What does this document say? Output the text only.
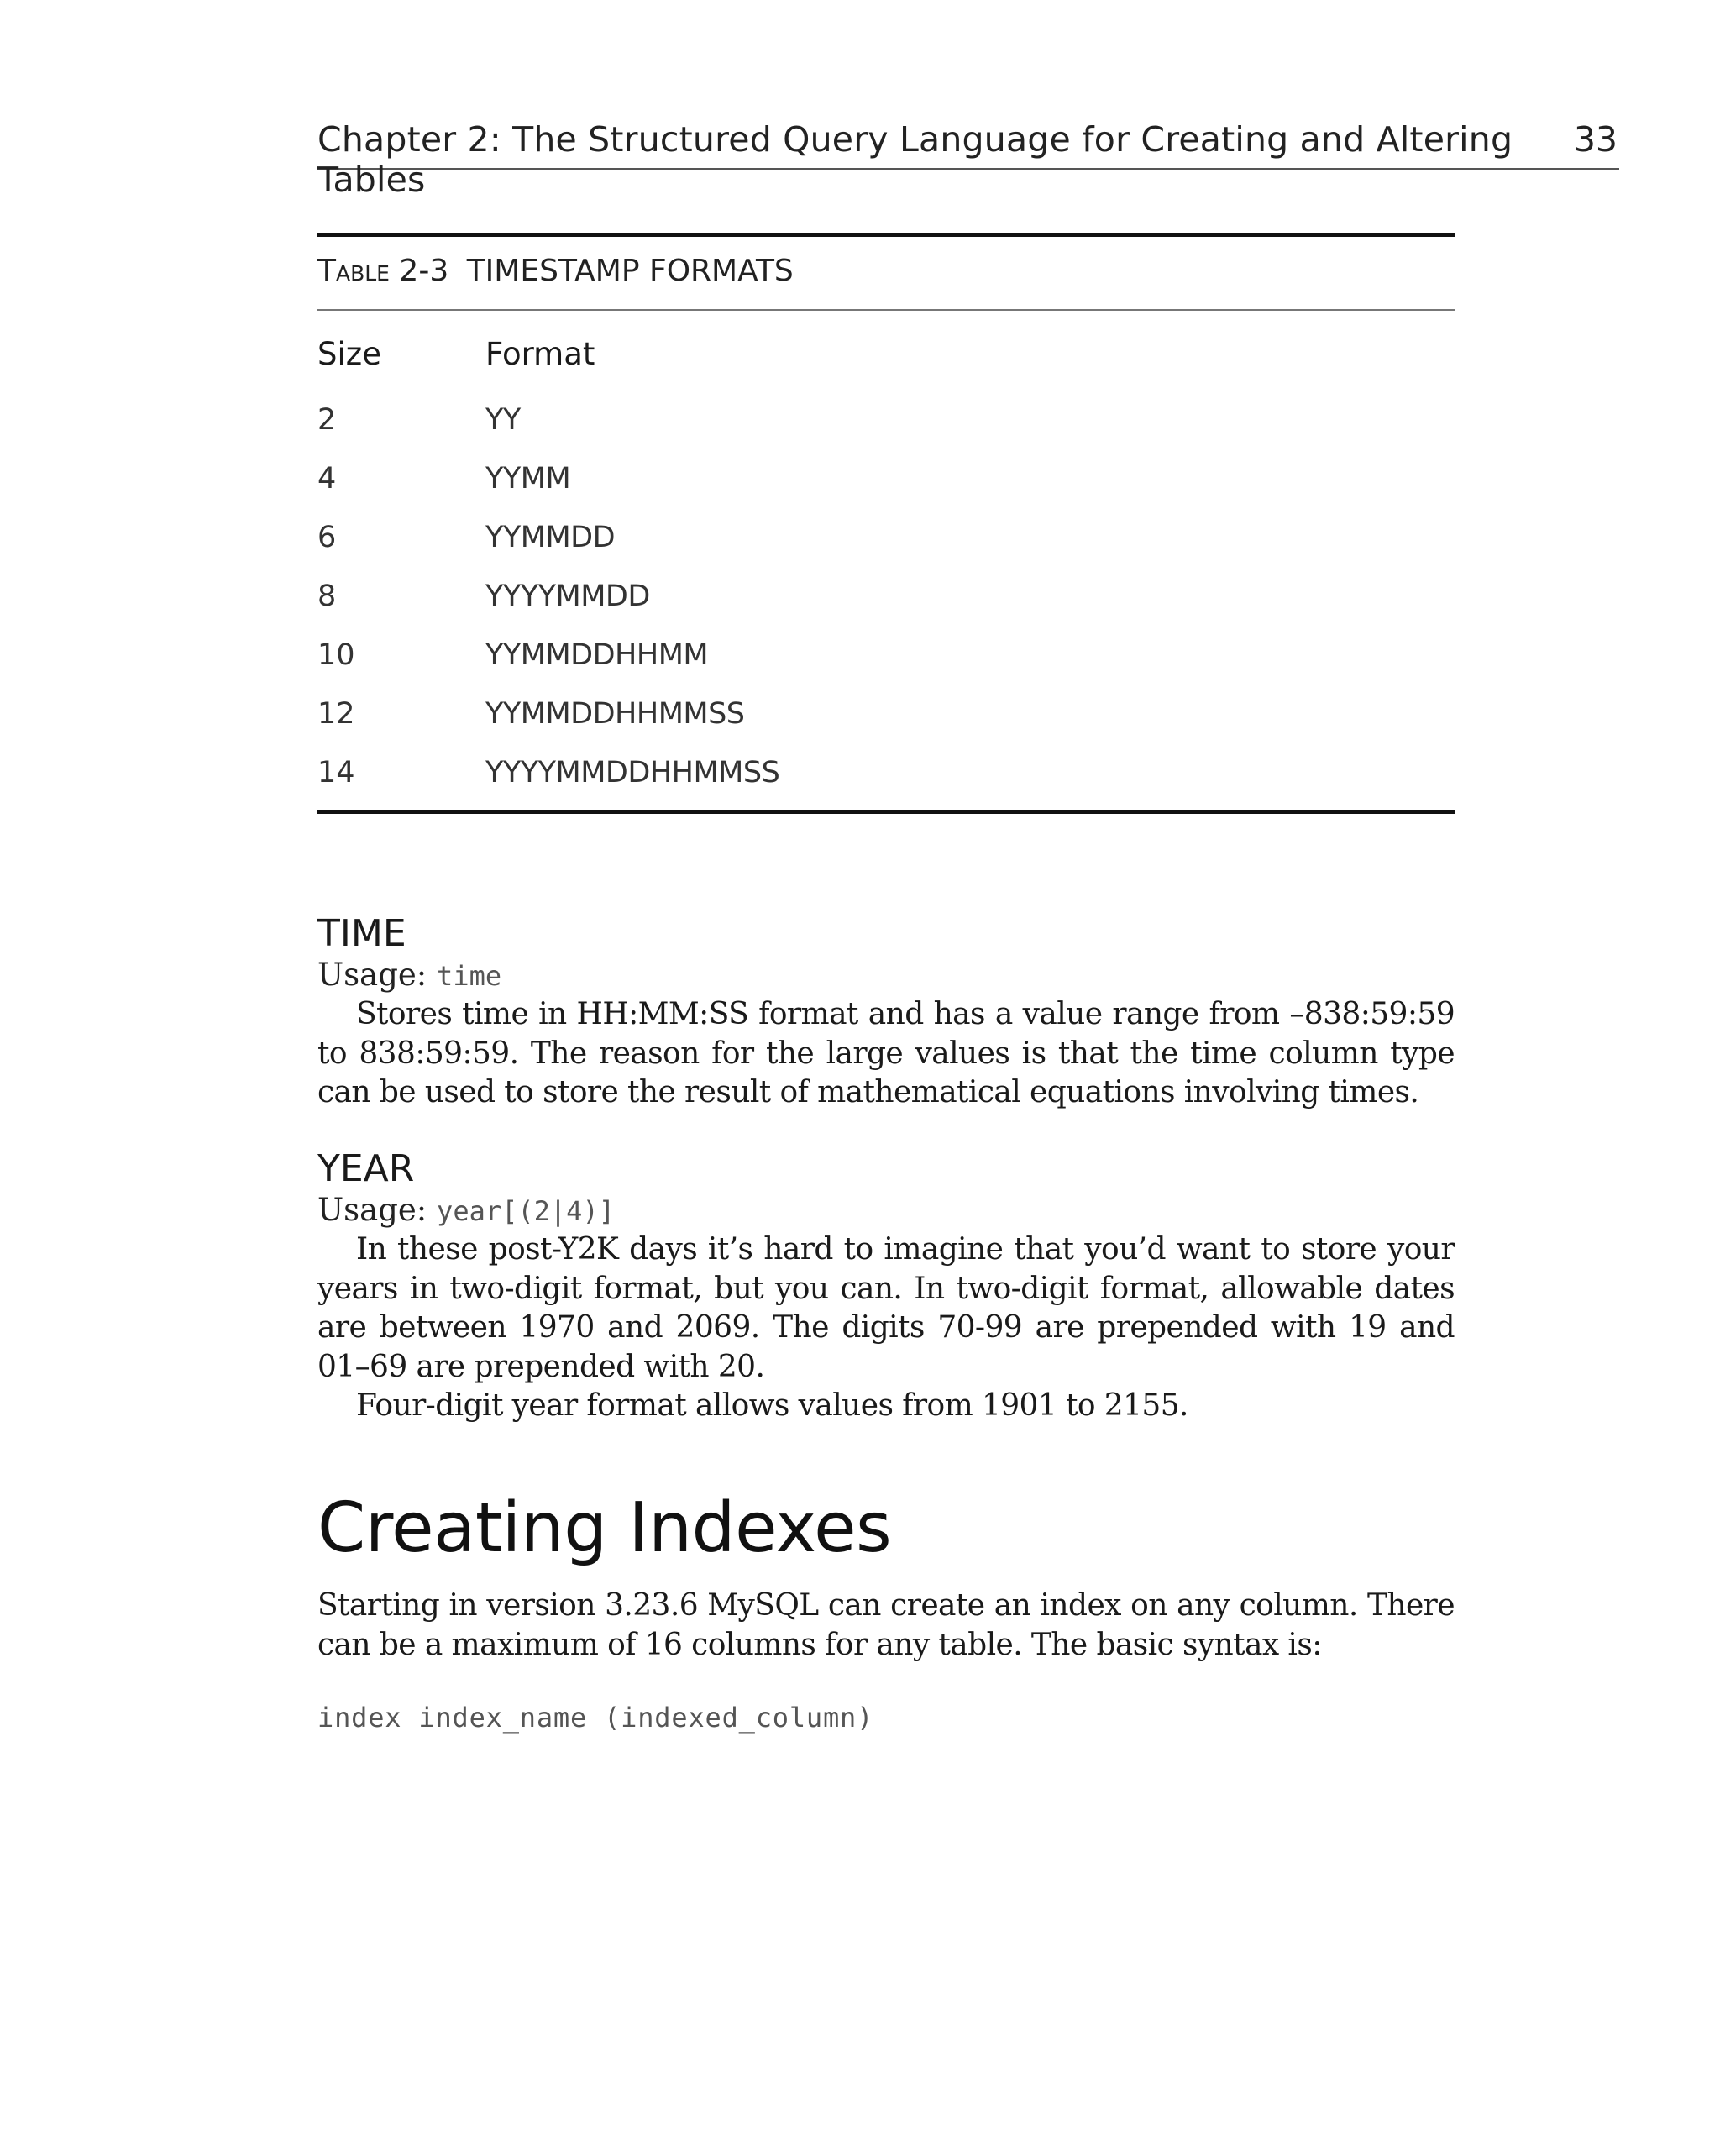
Chapter 2: The Structured Query Language for Creating and Altering Tables
33
Table 2-3 TIMESTAMP FORMATS
Size	Format
2	YY
4	YYMM
6	YYMMDD
8	YYYYMMDD
10	YYMMDDHHMM
12	YYMMDDHHMMSS
14	YYYYMMDDHHMMSS
TIME
Usage: time
Stores time in HH:MM:SS format and has a value range from –838:59:59 to 838:59:59. The reason for the large values is that the time column type can be used to store the result of mathematical equations involving times.
YEAR
Usage: year[(2|4)]
In these post-Y2K days it’s hard to imagine that you’d want to store your years in two-digit format, but you can. In two-digit format, allowable dates are between 1970 and 2069. The digits 70-99 are prepended with 19 and 01–69 are prepended with 20.
Four-digit year format allows values from 1901 to 2155.
Creating Indexes
Starting in version 3.23.6 MySQL can create an index on any column. There can be a maximum of 16 columns for any table. The basic syntax is:
index index_name (indexed_column)
